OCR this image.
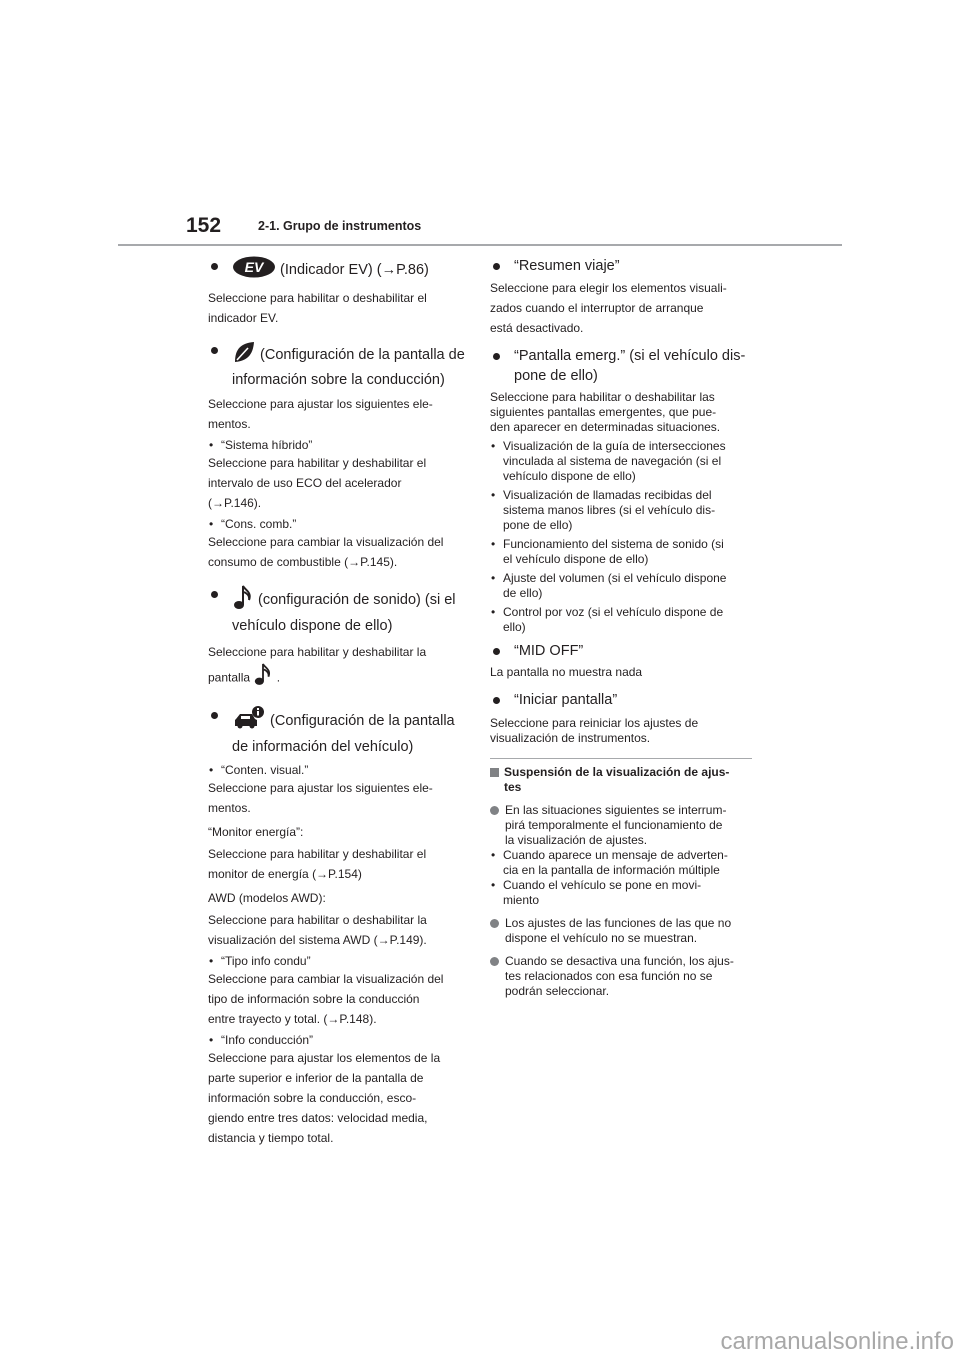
152	2-1. Grupo de instrumentos
EV (Indicador EV) (→P.86)
Seleccione para habilitar o deshabilitar el
indicador EV.
(Configuración de la pantalla de
información sobre la conducción)
Seleccione para ajustar los siguientes ele-
mentos.
• “Sistema híbrido”
Seleccione para habilitar y deshabilitar el
intervalo de uso ECO del acelerador
(→P.146).
• “Cons. comb.”
Seleccione para cambiar la visualización del
consumo de combustible (→P.145).
(configuración de sonido) (si el
vehículo dispone de ello)
Seleccione para habilitar y deshabilitar la
pantalla .
(Configuración de la pantalla
de información del vehículo)
• “Conten. visual.”
Seleccione para ajustar los siguientes ele-
mentos.
“Monitor energía”:
Seleccione para habilitar y deshabilitar el
monitor de energía (→P.154)
AWD (modelos AWD):
Seleccione para habilitar o deshabilitar la
visualización del sistema AWD (→P.149).
• “Tipo info condu”
Seleccione para cambiar la visualización del
tipo de información sobre la conducción
entre trayecto y total. (→P.148).
• “Info conducción”
Seleccione para ajustar los elementos de la
parte superior e inferior de la pantalla de
información sobre la conducción, esco-
giendo entre tres datos: velocidad media,
distancia y tiempo total.
“Resumen viaje”
Seleccione para elegir los elementos visuali-
zados cuando el interruptor de arranque
está desactivado.
“Pantalla emerg.” (si el vehículo dis-
pone de ello)
Seleccione para habilitar o deshabilitar las
siguientes pantallas emergentes, que pue-
den aparecer en determinadas situaciones.
• Visualización de la guía de intersecciones
vinculada al sistema de navegación (si el
vehículo dispone de ello)
• Visualización de llamadas recibidas del
sistema manos libres (si el vehículo dis-
pone de ello)
• Funcionamiento del sistema de sonido (si
el vehículo dispone de ello)
• Ajuste del volumen (si el vehículo dispone
de ello)
• Control por voz (si el vehículo dispone de
ello)
“MID OFF”
La pantalla no muestra nada
“Iniciar pantalla”
Seleccione para reiniciar los ajustes de
visualización de instrumentos.
Suspensión de la visualización de ajus-
tes
En las situaciones siguientes se interrum-
pirá temporalmente el funcionamiento de
la visualización de ajustes.
• Cuando aparece un mensaje de adverten-
cia en la pantalla de información múltiple
• Cuando el vehículo se pone en movi-
miento
Los ajustes de las funciones de las que no
dispone el vehículo no se muestran.
Cuando se desactiva una función, los ajus-
tes relacionados con esa función no se
podrán seleccionar.
carmanualsonline.info
